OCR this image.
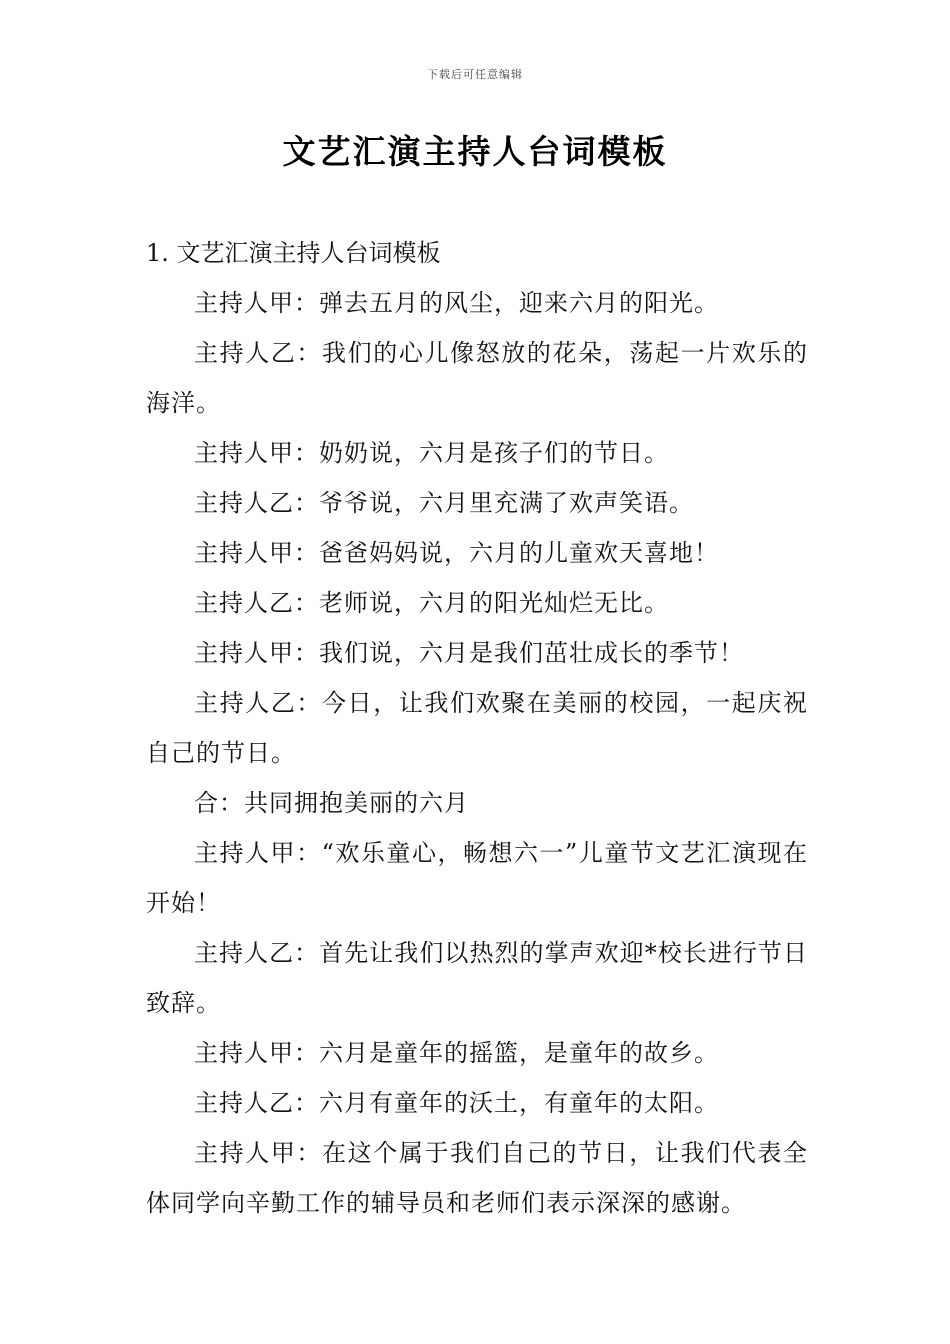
下载后可任意编辑
文艺汇演主持人台词模板

1. 文艺汇演主持人台词模板

主持人甲：弹去五月的风尘，迎来六月的阳光。

主持人乙：我们的心儿像怒放的花朵，荡起一片欢乐的海洋。

主持人甲：奶奶说，六月是孩子们的节日。

主持人乙：爷爷说，六月里充满了欢声笑语。

主持人甲：爸爸妈妈说，六月的儿童欢天喜地！

主持人乙：老师说，六月的阳光灿烂无比。

主持人甲：我们说，六月是我们茁壮成长的季节！

主持人乙：今日，让我们欢聚在美丽的校园，一起庆祝自己的节日。

合：共同拥抱美丽的六月

主持人甲：“欢乐童心，畅想六一”儿童节文艺汇演现在开始！

主持人乙：首先让我们以热烈的掌声欢迎*校长进行节日致辞。

主持人甲：六月是童年的摇篮，是童年的故乡。

主持人乙：六月有童年的沃土，有童年的太阳。

主持人甲：在这个属于我们自己的节日，让我们代表全体同学向辛勤工作的辅导员和老师们表示深深的感谢。
